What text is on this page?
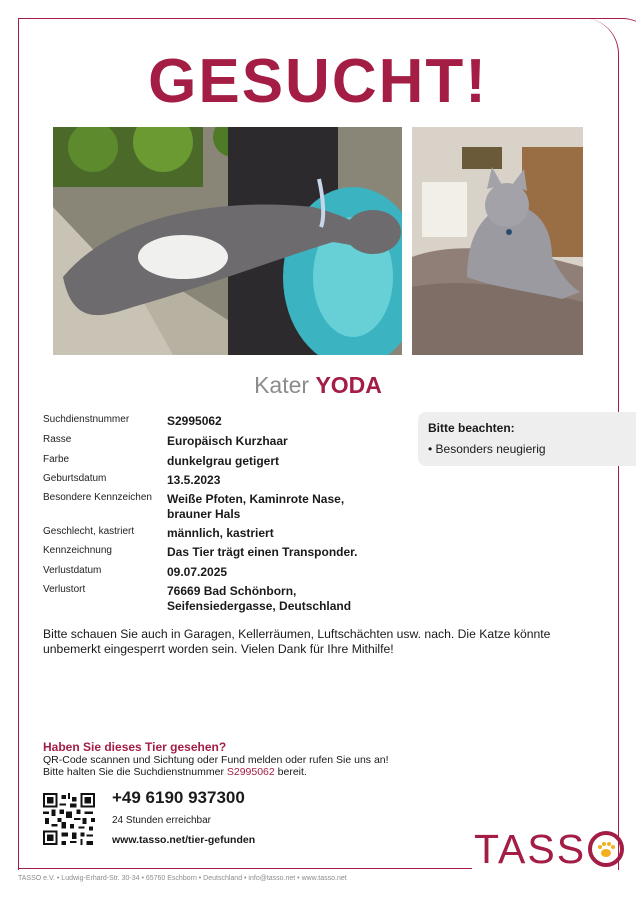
GESUCHT!
Kater YODA
Suchdienstnummer	S2995062
Rasse	Europäisch Kurzhaar
Farbe	dunkelgrau getigert
Geburtsdatum	13.5.2023
Besondere Kennzeichen	Weiße Pfoten, Kaminrote Nase, brauner Hals
Geschlecht, kastriert	männlich, kastriert
Kennzeichnung	Das Tier trägt einen Transponder.
Verlustdatum	09.07.2025
Verlustort	76669 Bad Schönborn, Seifensiedergasse, Deutschland
Bitte beachten:
• Besonders neugierig

Bitte schauen Sie auch in Garagen, Kellerräumen, Luftschächten usw. nach. Die Katze könnte unbemerkt eingesperrt worden sein. Vielen Dank für Ihre Mithilfe!

Haben Sie dieses Tier gesehen?
QR-Code scannen und Sichtung oder Fund melden oder rufen Sie uns an!
Bitte halten Sie die Suchdienstnummer S2995062 bereit.
+49 6190 937300
24 Stunden erreichbar
www.tasso.net/tier-gefunden	TASS
TASSO e.V. • Ludwig-Erhard-Str. 30-34 • 65760 Eschborn • Deutschland • info@tasso.net • www.tasso.net
